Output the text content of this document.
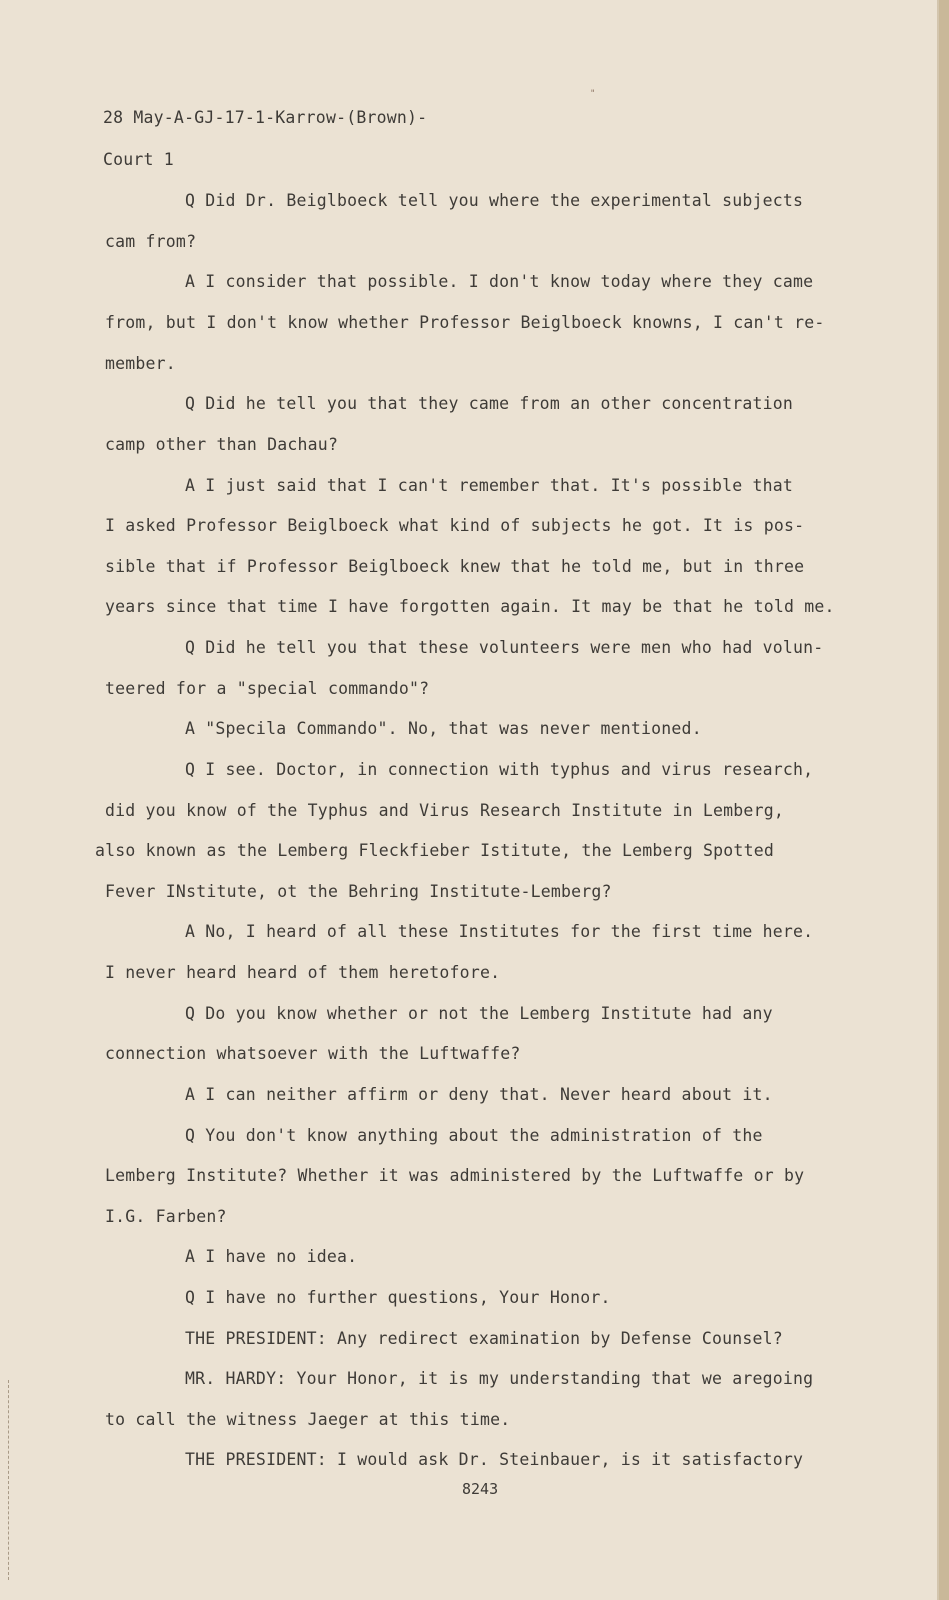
"
28 May-A-GJ-17-1-Karrow-(Brown)-
Court 1
Q Did Dr. Beiglboeck tell you where the experimental subjects
cam from?
A I consider that possible. I don't know today where they came
from, but I don't know whether Professor Beiglboeck knowns, I can't re-
member.
Q Did he tell you that they came from an other concentration
camp other than Dachau?
A I just said that I can't remember that. It's possible that
I asked Professor Beiglboeck what kind of subjects he got. It is pos-
sible that if Professor Beiglboeck knew that he told me, but in three
years since that time I have forgotten again. It may be that he told me.
Q Did he tell you that these volunteers were men who had volun-
teered for a "special commando"?
A "Specila Commando". No, that was never mentioned.
Q I see. Doctor, in connection with typhus and virus research,
did you know of the Typhus and Virus Research Institute in Lemberg,
also known as the Lemberg Fleckfieber Istitute, the Lemberg Spotted
Fever INstitute, ot the Behring Institute-Lemberg?
A No, I heard of all these Institutes for the first time here.
I never heard heard of them heretofore.
Q Do you know whether or not the Lemberg Institute had any
connection whatsoever with the Luftwaffe?
A I can neither affirm or deny that. Never heard about it.
Q You don't know anything about the administration of the
Lemberg Institute? Whether it was administered by the Luftwaffe or by
I.G. Farben?
A I have no idea.
Q I have no further questions, Your Honor.
THE PRESIDENT: Any redirect examination by Defense Counsel?
MR. HARDY: Your Honor, it is my understanding that we aregoing
to call the witness Jaeger at this time.
THE PRESIDENT: I would ask Dr. Steinbauer, is it satisfactory
8243
